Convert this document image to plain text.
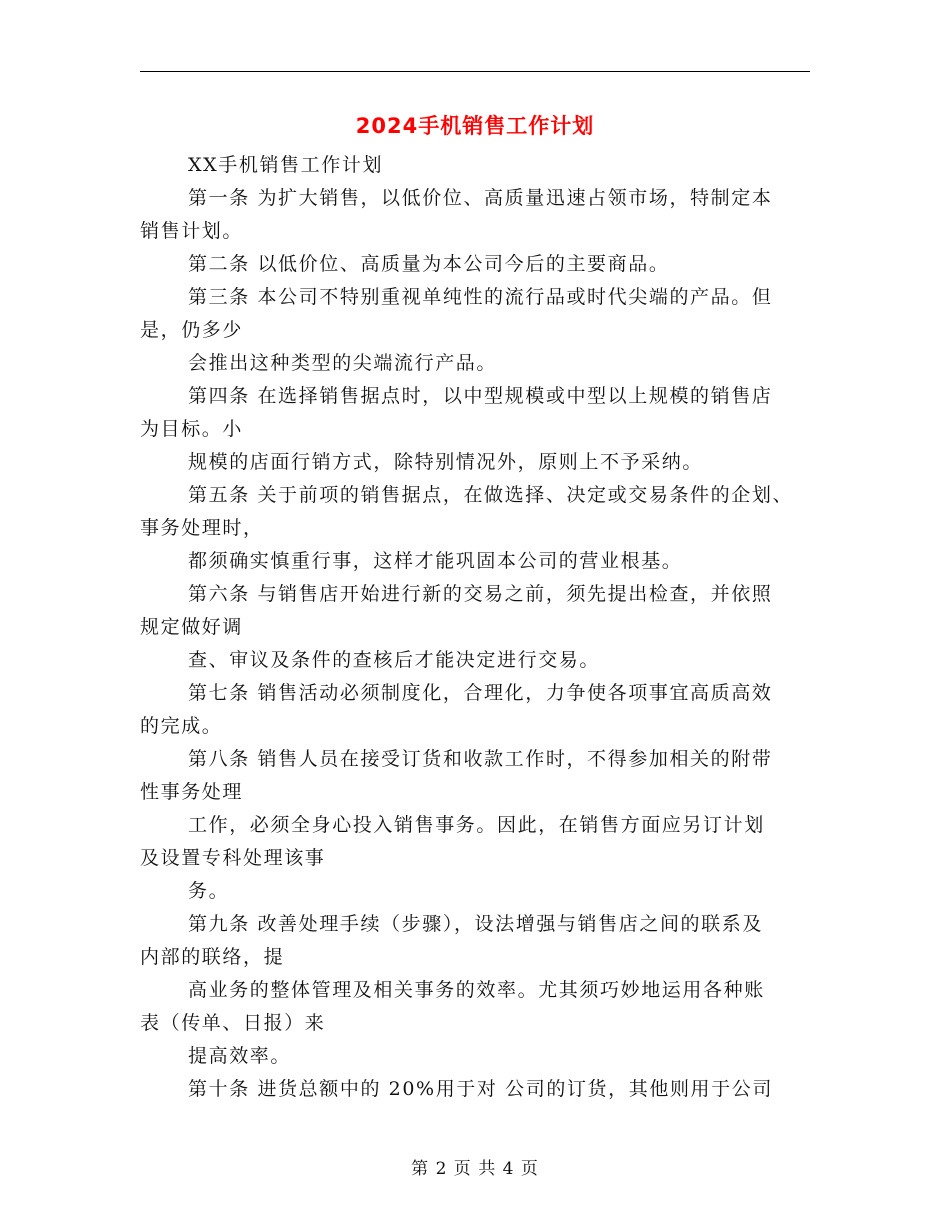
2024手机销售工作计划
XX手机销售工作计划
第一条 为扩大销售，以低价位、高质量迅速占领市场，特制定本
销售计划。
第二条 以低价位、高质量为本公司今后的主要商品。
第三条 本公司不特别重视单纯性的流行品或时代尖端的产品。但
是，仍多少
会推出这种类型的尖端流行产品。
第四条 在选择销售据点时，以中型规模或中型以上规模的销售店
为目标。小
规模的店面行销方式，除特别情况外，原则上不予采纳。
第五条 关于前项的销售据点，在做选择、决定或交易条件的企划、
事务处理时，
都须确实慎重行事，这样才能巩固本公司的营业根基。
第六条 与销售店开始进行新的交易之前，须先提出检查，并依照
规定做好调
查、审议及条件的查核后才能决定进行交易。
第七条 销售活动必须制度化，合理化，力争使各项事宜高质高效
的完成。
第八条 销售人员在接受订货和收款工作时，不得参加相关的附带
性事务处理
工作，必须全身心投入销售事务。因此，在销售方面应另订计划
及设置专科处理该事
务。
第九条 改善处理手续（步骤），设法增强与销售店之间的联系及
内部的联络，提
高业务的整体管理及相关事务的效率。尤其须巧妙地运用各种账
表（传单、日报）来
提高效率。
第十条 进货总额中的 20%用于对 公司的订货，其他则用于公司
第 2 页 共 4 页
